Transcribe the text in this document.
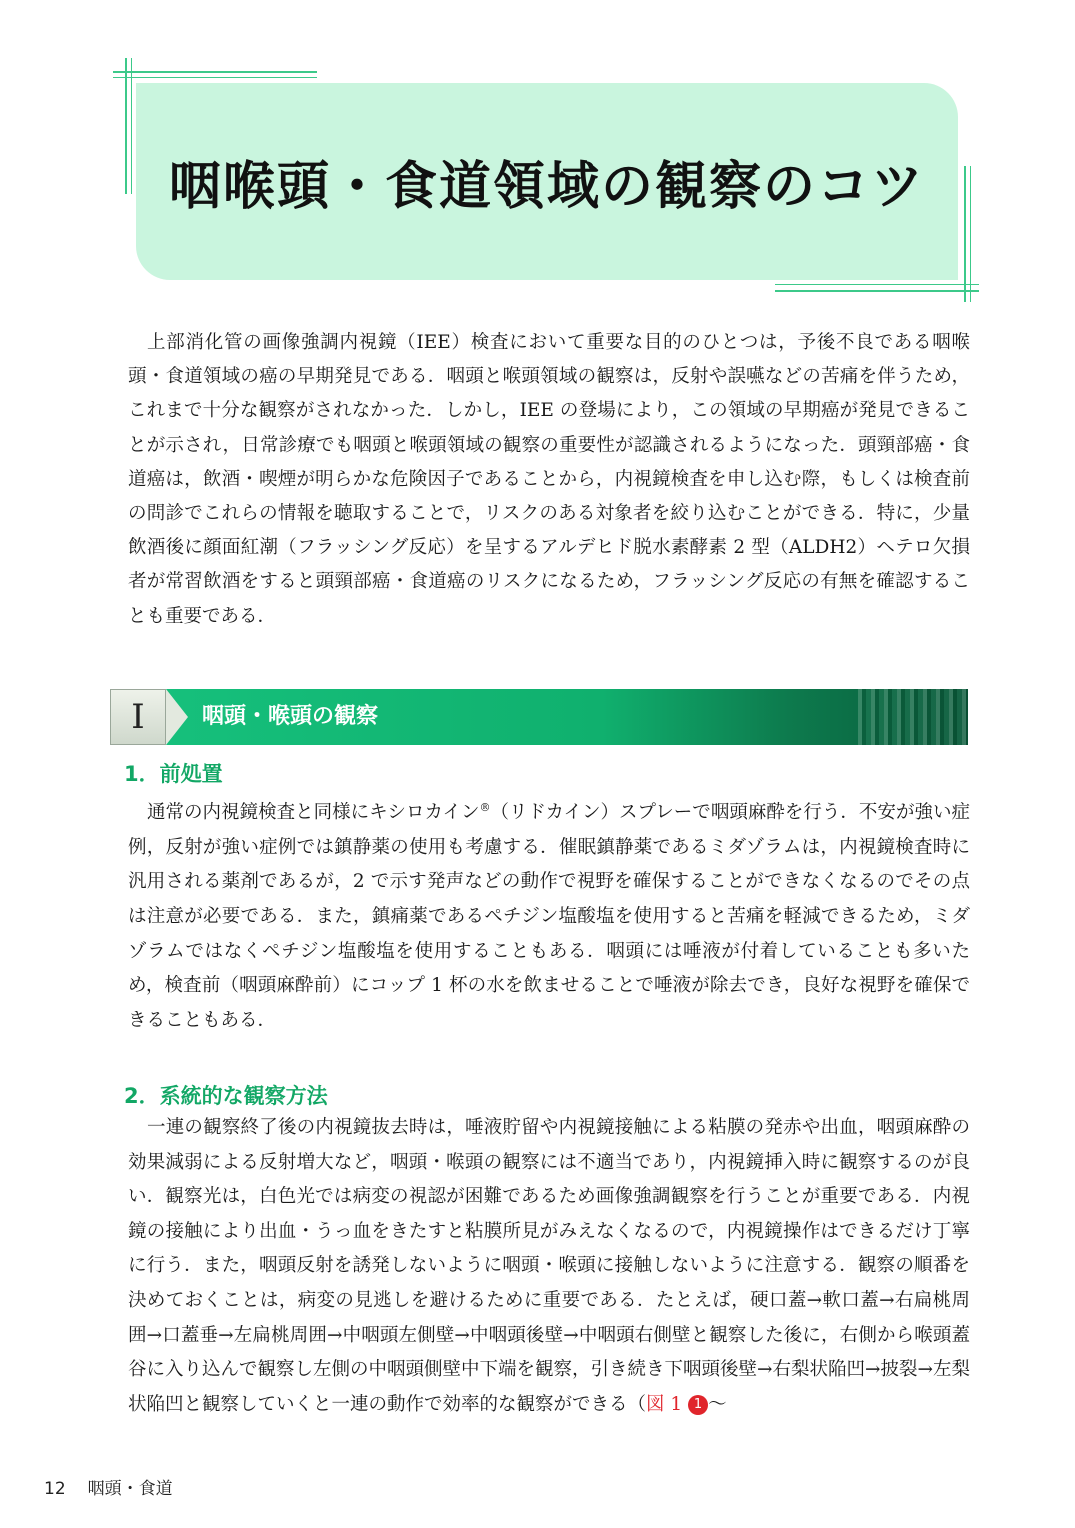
咽喉頭・食道領域の観察のコツ

上部消化管の画像強調内視鏡（IEE）検査において重要な目的のひとつは，予後不良である咽喉頭・食道領域の癌の早期発見である．咽頭と喉頭領域の観察は，反射や誤嚥などの苦痛を伴うため，これまで十分な観察がされなかった．しかし，IEE の登場により，この領域の早期癌が発見できることが示され，日常診療でも咽頭と喉頭領域の観察の重要性が認識されるようになった．頭頸部癌・食道癌は，飲酒・喫煙が明らかな危険因子であることから，内視鏡検査を申し込む際，もしくは検査前の問診でこれらの情報を聴取することで，リスクのある対象者を絞り込むことができる．特に，少量飲酒後に顔面紅潮（フラッシング反応）を呈するアルデヒド脱水素酵素 2 型（ALDH2）ヘテロ欠損者が常習飲酒をすると頭頸部癌・食道癌のリスクになるため，フラッシング反応の有無を確認することも重要である．

I	咽頭・喉頭の観察
1．前処置

通常の内視鏡検査と同様にキシロカイン®（リドカイン）スプレーで咽頭麻酔を行う．不安が強い症例，反射が強い症例では鎮静薬の使用も考慮する．催眠鎮静薬であるミダゾラムは，内視鏡検査時に汎用される薬剤であるが，2 で示す発声などの動作で視野を確保することができなくなるのでその点は注意が必要である．また，鎮痛薬であるペチジン塩酸塩を使用すると苦痛を軽減できるため，ミダゾラムではなくペチジン塩酸塩を使用することもある．咽頭には唾液が付着していることも多いため，検査前（咽頭麻酔前）にコップ 1 杯の水を飲ませることで唾液が除去でき，良好な視野を確保できることもある．

2．系統的な観察方法

一連の観察終了後の内視鏡抜去時は，唾液貯留や内視鏡接触による粘膜の発赤や出血，咽頭麻酔の効果減弱による反射増大など，咽頭・喉頭の観察には不適当であり，内視鏡挿入時に観察するのが良い．観察光は，白色光では病変の視認が困難であるため画像強調観察を行うことが重要である．内視鏡の接触により出血・うっ血をきたすと粘膜所見がみえなくなるので，内視鏡操作はできるだけ丁寧に行う．また，咽頭反射を誘発しないように咽頭・喉頭に接触しないように注意する．観察の順番を決めておくことは，病変の見逃しを避けるために重要である．たとえば，硬口蓋→軟口蓋→右扁桃周囲→口蓋垂→左扁桃周囲→中咽頭左側壁→中咽頭後壁→中咽頭右側壁と観察した後に，右側から喉頭蓋谷に入り込んで観察し左側の中咽頭側壁中下端を観察，引き続き下咽頭後壁→右梨状陥凹→披裂→左梨状陥凹と観察していくと一連の動作で効率的な観察ができる（図 1 1 ～

12 咽頭・食道
